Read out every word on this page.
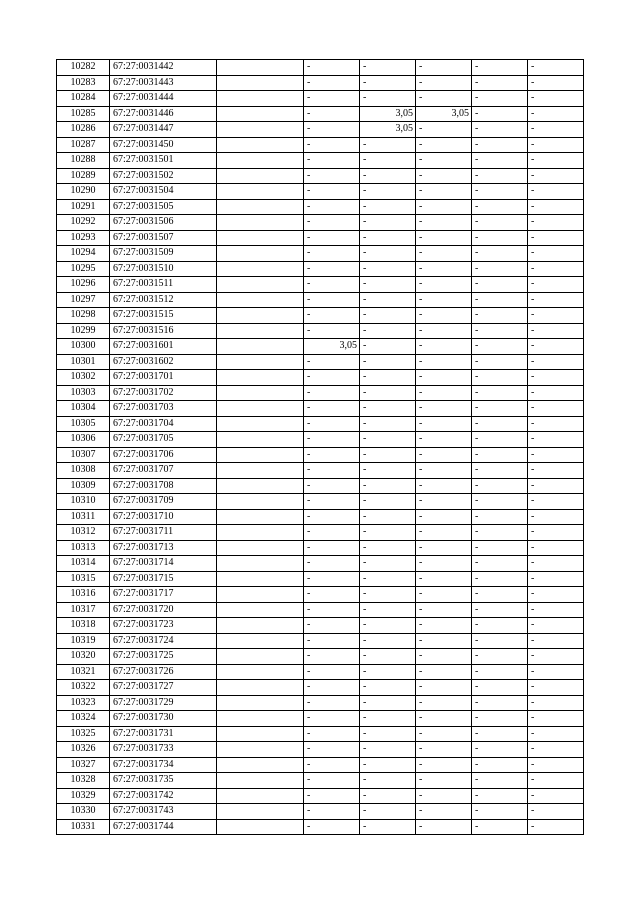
10282	67:27:0031442		-	-	-	-	-
10283	67:27:0031443		-	-	-	-	-
10284	67:27:0031444		-	-	-	-	-
10285	67:27:0031446		-	3,05	3,05	-	-
10286	67:27:0031447		-	3,05	-	-	-
10287	67:27:0031450		-	-	-	-	-
10288	67:27:0031501		-	-	-	-	-
10289	67:27:0031502		-	-	-	-	-
10290	67:27:0031504		-	-	-	-	-
10291	67:27:0031505		-	-	-	-	-
10292	67:27:0031506		-	-	-	-	-
10293	67:27:0031507		-	-	-	-	-
10294	67:27:0031509		-	-	-	-	-
10295	67:27:0031510		-	-	-	-	-
10296	67:27:0031511		-	-	-	-	-
10297	67:27:0031512		-	-	-	-	-
10298	67:27:0031515		-	-	-	-	-
10299	67:27:0031516		-	-	-	-	-
10300	67:27:0031601		3,05	-	-	-	-
10301	67:27:0031602		-	-	-	-	-
10302	67:27:0031701		-	-	-	-	-
10303	67:27:0031702		-	-	-	-	-
10304	67:27:0031703		-	-	-	-	-
10305	67:27:0031704		-	-	-	-	-
10306	67:27:0031705		-	-	-	-	-
10307	67:27:0031706		-	-	-	-	-
10308	67:27:0031707		-	-	-	-	-
10309	67:27:0031708		-	-	-	-	-
10310	67:27:0031709		-	-	-	-	-
10311	67:27:0031710		-	-	-	-	-
10312	67:27:0031711		-	-	-	-	-
10313	67:27:0031713		-	-	-	-	-
10314	67:27:0031714		-	-	-	-	-
10315	67:27:0031715		-	-	-	-	-
10316	67:27:0031717		-	-	-	-	-
10317	67:27:0031720		-	-	-	-	-
10318	67:27:0031723		-	-	-	-	-
10319	67:27:0031724		-	-	-	-	-
10320	67:27:0031725		-	-	-	-	-
10321	67:27:0031726		-	-	-	-	-
10322	67:27:0031727		-	-	-	-	-
10323	67:27:0031729		-	-	-	-	-
10324	67:27:0031730		-	-	-	-	-
10325	67:27:0031731		-	-	-	-	-
10326	67:27:0031733		-	-	-	-	-
10327	67:27:0031734		-	-	-	-	-
10328	67:27:0031735		-	-	-	-	-
10329	67:27:0031742		-	-	-	-	-
10330	67:27:0031743		-	-	-	-	-
10331	67:27:0031744		-	-	-	-	-
